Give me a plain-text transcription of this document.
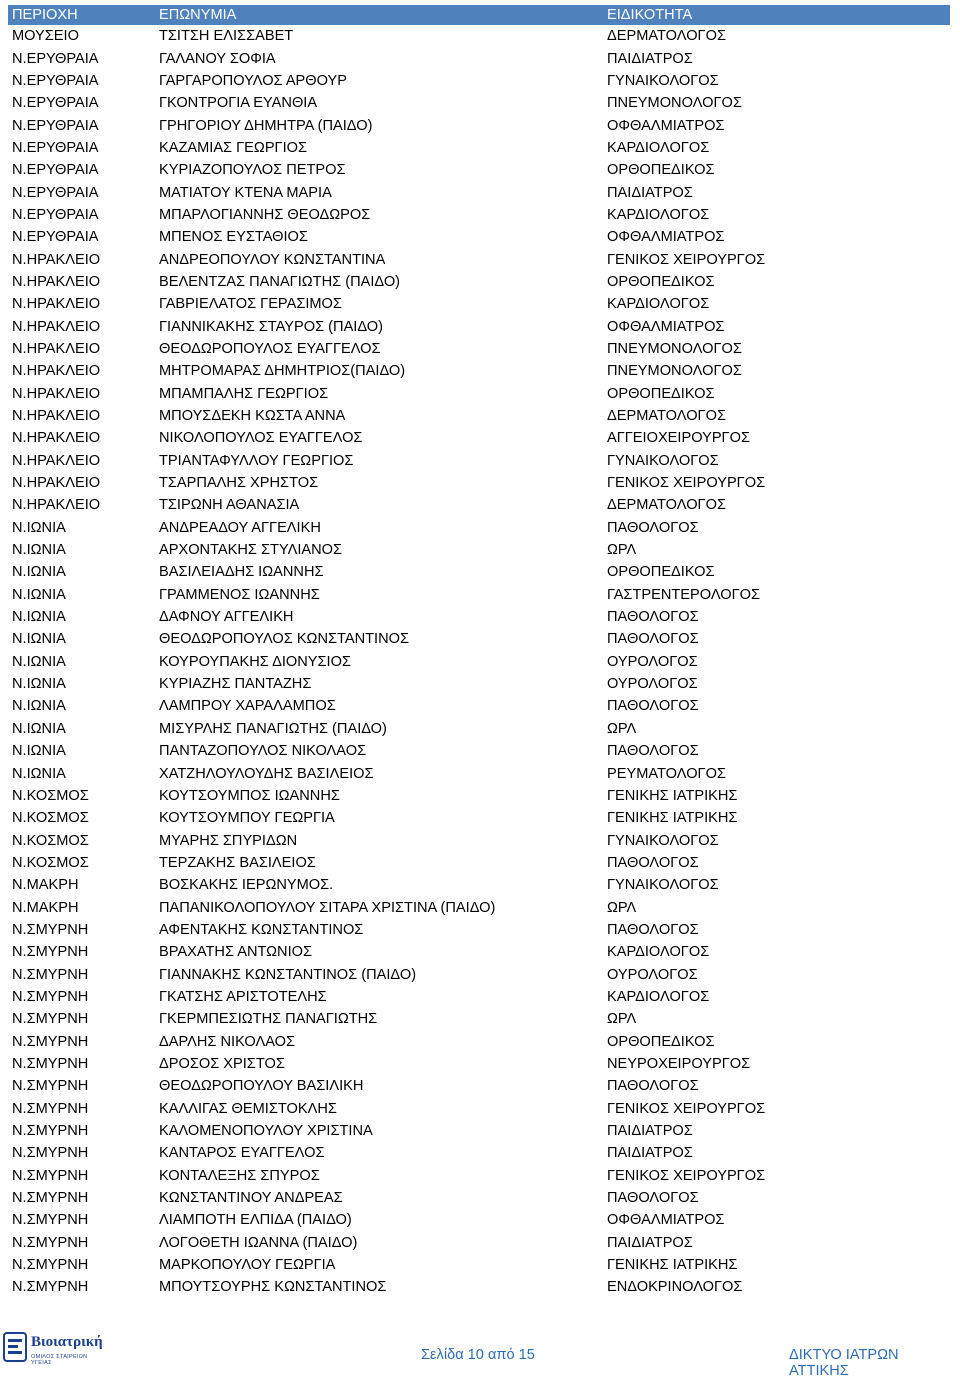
ΠΕΡΙΟΧΗ	ΕΠΩΝΥΜΙΑ	ΕΙΔΙΚΟΤΗΤΑ
ΜΟΥΣΕΙΟ	ΤΣΙΤΣΗ ΕΛΙΣΣΑΒΕΤ	ΔΕΡΜΑΤΟΛΟΓΟΣ
Ν.ΕΡΥΘΡΑΙΑ	ΓΑΛΑΝΟΥ ΣΟΦΙΑ	ΠΑΙΔΙΑΤΡΟΣ
Ν.ΕΡΥΘΡΑΙΑ	ΓΑΡΓΑΡΟΠΟΥΛΟΣ ΑΡΘΟΥΡ	ΓΥΝΑΙΚΟΛΟΓΟΣ
Ν.ΕΡΥΘΡΑΙΑ	ΓΚΟΝΤΡΟΓΙΑ ΕΥΑΝΘΙΑ	ΠΝΕΥΜΟΝΟΛΟΓΟΣ
Ν.ΕΡΥΘΡΑΙΑ	ΓΡΗΓΟΡΙΟΥ ΔΗΜΗΤΡΑ (ΠΑΙΔΟ)	ΟΦΘΑΛΜΙΑΤΡΟΣ
Ν.ΕΡΥΘΡΑΙΑ	ΚΑΖΑΜΙΑΣ ΓΕΩΡΓΙΟΣ	ΚΑΡΔΙΟΛΟΓΟΣ
Ν.ΕΡΥΘΡΑΙΑ	ΚΥΡΙΑΖΟΠΟΥΛΟΣ ΠΕΤΡΟΣ	ΟΡΘΟΠΕΔΙΚΟΣ
Ν.ΕΡΥΘΡΑΙΑ	ΜΑΤΙΑΤΟΥ ΚΤΕΝΑ ΜΑΡΙΑ	ΠΑΙΔΙΑΤΡΟΣ
Ν.ΕΡΥΘΡΑΙΑ	ΜΠΑΡΛΟΓΙΑΝΝΗΣ ΘΕΟΔΩΡΟΣ	ΚΑΡΔΙΟΛΟΓΟΣ
Ν.ΕΡΥΘΡΑΙΑ	ΜΠΕΝΟΣ ΕΥΣΤΑΘΙΟΣ	ΟΦΘΑΛΜΙΑΤΡΟΣ
Ν.ΗΡΑΚΛΕΙΟ	ΑΝΔΡΕΟΠΟΥΛΟΥ ΚΩΝΣΤΑΝΤΙΝΑ	ΓΕΝΙΚΟΣ ΧΕΙΡΟΥΡΓΟΣ
Ν.ΗΡΑΚΛΕΙΟ	ΒΕΛΕΝΤΖΑΣ ΠΑΝΑΓΙΩΤΗΣ (ΠΑΙΔΟ)	ΟΡΘΟΠΕΔΙΚΟΣ
Ν.ΗΡΑΚΛΕΙΟ	ΓΑΒΡΙΕΛΑΤΟΣ ΓΕΡΑΣΙΜΟΣ	ΚΑΡΔΙΟΛΟΓΟΣ
Ν.ΗΡΑΚΛΕΙΟ	ΓΙΑΝΝΙΚΑΚΗΣ ΣΤΑΥΡΟΣ (ΠΑΙΔΟ)	ΟΦΘΑΛΜΙΑΤΡΟΣ
Ν.ΗΡΑΚΛΕΙΟ	ΘΕΟΔΩΡΟΠΟΥΛΟΣ ΕΥΑΓΓΕΛΟΣ	ΠΝΕΥΜΟΝΟΛΟΓΟΣ
Ν.ΗΡΑΚΛΕΙΟ	ΜΗΤΡΟΜΑΡΑΣ ΔΗΜΗΤΡΙΟΣ(ΠΑΙΔΟ)	ΠΝΕΥΜΟΝΟΛΟΓΟΣ
Ν.ΗΡΑΚΛΕΙΟ	ΜΠΑΜΠΑΛΗΣ ΓΕΩΡΓΙΟΣ	ΟΡΘΟΠΕΔΙΚΟΣ
Ν.ΗΡΑΚΛΕΙΟ	ΜΠΟΥΣΔΕΚΗ ΚΩΣΤΑ ΑΝΝΑ	ΔΕΡΜΑΤΟΛΟΓΟΣ
Ν.ΗΡΑΚΛΕΙΟ	ΝΙΚΟΛΟΠΟΥΛΟΣ ΕΥΑΓΓΕΛΟΣ	ΑΓΓΕΙΟΧΕΙΡΟΥΡΓΟΣ
Ν.ΗΡΑΚΛΕΙΟ	ΤΡΙΑΝΤΑΦΥΛΛΟΥ ΓΕΩΡΓΙΟΣ	ΓΥΝΑΙΚΟΛΟΓΟΣ
Ν.ΗΡΑΚΛΕΙΟ	ΤΣΑΡΠΑΛΗΣ ΧΡΗΣΤΟΣ	ΓΕΝΙΚΟΣ ΧΕΙΡΟΥΡΓΟΣ
Ν.ΗΡΑΚΛΕΙΟ	ΤΣΙΡΩΝΗ ΑΘΑΝΑΣΙΑ	ΔΕΡΜΑΤΟΛΟΓΟΣ
Ν.ΙΩΝΙΑ	ΑΝΔΡΕΑΔΟΥ ΑΓΓΕΛΙΚΗ	ΠΑΘΟΛΟΓΟΣ
Ν.ΙΩΝΙΑ	ΑΡΧΟΝΤΑΚΗΣ ΣΤΥΛΙΑΝΟΣ	ΩΡΛ
Ν.ΙΩΝΙΑ	ΒΑΣΙΛΕΙΑΔΗΣ ΙΩΑΝΝΗΣ	ΟΡΘΟΠΕΔΙΚΟΣ
Ν.ΙΩΝΙΑ	ΓΡΑΜΜΕΝΟΣ ΙΩΑΝΝΗΣ	ΓΑΣΤΡΕΝΤΕΡΟΛΟΓΟΣ
Ν.ΙΩΝΙΑ	ΔΑΦΝΟΥ ΑΓΓΕΛΙΚΗ	ΠΑΘΟΛΟΓΟΣ
Ν.ΙΩΝΙΑ	ΘΕΟΔΩΡΟΠΟΥΛΟΣ ΚΩΝΣΤΑΝΤΙΝΟΣ	ΠΑΘΟΛΟΓΟΣ
Ν.ΙΩΝΙΑ	ΚΟΥΡΟΥΠΑΚΗΣ ΔΙΟΝΥΣΙΟΣ	ΟΥΡΟΛΟΓΟΣ
Ν.ΙΩΝΙΑ	ΚΥΡΙΑΖΗΣ ΠΑΝΤΑΖΗΣ	ΟΥΡΟΛΟΓΟΣ
Ν.ΙΩΝΙΑ	ΛΑΜΠΡΟΥ ΧΑΡΑΛΑΜΠΟΣ	ΠΑΘΟΛΟΓΟΣ
Ν.ΙΩΝΙΑ	ΜΙΣΥΡΛΗΣ ΠΑΝΑΓΙΩΤΗΣ (ΠΑΙΔΟ)	ΩΡΛ
Ν.ΙΩΝΙΑ	ΠΑΝΤΑΖΟΠΟΥΛΟΣ ΝΙΚΟΛΑΟΣ	ΠΑΘΟΛΟΓΟΣ
Ν.ΙΩΝΙΑ	ΧΑΤΖΗΛΟΥΛΟΥΔΗΣ ΒΑΣΙΛΕΙΟΣ	ΡΕΥΜΑΤΟΛΟΓΟΣ
Ν.ΚΟΣΜΟΣ	ΚΟΥΤΣΟΥΜΠΟΣ ΙΩΑΝΝΗΣ	ΓΕΝΙΚΗΣ ΙΑΤΡΙΚΗΣ
Ν.ΚΟΣΜΟΣ	ΚΟΥΤΣΟΥΜΠΟΥ ΓΕΩΡΓΙΑ	ΓΕΝΙΚΗΣ ΙΑΤΡΙΚΗΣ
Ν.ΚΟΣΜΟΣ	ΜΥΑΡΗΣ ΣΠΥΡΙΔΩΝ	ΓΥΝΑΙΚΟΛΟΓΟΣ
Ν.ΚΟΣΜΟΣ	ΤΕΡΖΑΚΗΣ ΒΑΣΙΛΕΙΟΣ	ΠΑΘΟΛΟΓΟΣ
Ν.ΜΑΚΡΗ	ΒΟΣΚΑΚΗΣ ΙΕΡΩΝΥΜΟΣ.	ΓΥΝΑΙΚΟΛΟΓΟΣ
Ν.ΜΑΚΡΗ	ΠΑΠΑΝΙΚΟΛΟΠΟΥΛΟΥ ΣΙΤΑΡΑ ΧΡΙΣΤΙΝΑ (ΠΑΙΔΟ)	ΩΡΛ
Ν.ΣΜΥΡΝΗ	ΑΦΕΝΤΑΚΗΣ ΚΩΝΣΤΑΝΤΙΝΟΣ	ΠΑΘΟΛΟΓΟΣ
Ν.ΣΜΥΡΝΗ	ΒΡΑΧΑΤΗΣ ΑΝΤΩΝΙΟΣ	ΚΑΡΔΙΟΛΟΓΟΣ
Ν.ΣΜΥΡΝΗ	ΓΙΑΝΝΑΚΗΣ ΚΩΝΣΤΑΝΤΙΝΟΣ (ΠΑΙΔΟ)	ΟΥΡΟΛΟΓΟΣ
Ν.ΣΜΥΡΝΗ	ΓΚΑΤΣΗΣ ΑΡΙΣΤΟΤΕΛΗΣ	ΚΑΡΔΙΟΛΟΓΟΣ
Ν.ΣΜΥΡΝΗ	ΓΚΕΡΜΠΕΣΙΩΤΗΣ ΠΑΝΑΓΙΩΤΗΣ	ΩΡΛ
Ν.ΣΜΥΡΝΗ	ΔΑΡΛΗΣ ΝΙΚΟΛΑΟΣ	ΟΡΘΟΠΕΔΙΚΟΣ
Ν.ΣΜΥΡΝΗ	ΔΡΟΣΟΣ ΧΡΙΣΤΟΣ	ΝΕΥΡΟΧΕΙΡΟΥΡΓΟΣ
Ν.ΣΜΥΡΝΗ	ΘΕΟΔΩΡΟΠΟΥΛΟΥ ΒΑΣΙΛΙΚΗ	ΠΑΘΟΛΟΓΟΣ
Ν.ΣΜΥΡΝΗ	ΚΑΛΛΙΓΑΣ ΘΕΜΙΣΤΟΚΛΗΣ	ΓΕΝΙΚΟΣ ΧΕΙΡΟΥΡΓΟΣ
Ν.ΣΜΥΡΝΗ	ΚΑΛΟΜΕΝΟΠΟΥΛΟΥ ΧΡΙΣΤΙΝΑ	ΠΑΙΔΙΑΤΡΟΣ
Ν.ΣΜΥΡΝΗ	ΚΑΝΤΑΡΟΣ ΕΥΑΓΓΕΛΟΣ	ΠΑΙΔΙΑΤΡΟΣ
Ν.ΣΜΥΡΝΗ	ΚΟΝΤΑΛΕΞΗΣ ΣΠΥΡΟΣ	ΓΕΝΙΚΟΣ ΧΕΙΡΟΥΡΓΟΣ
Ν.ΣΜΥΡΝΗ	ΚΩΝΣΤΑΝΤΙΝΟΥ ΑΝΔΡΕΑΣ	ΠΑΘΟΛΟΓΟΣ
Ν.ΣΜΥΡΝΗ	ΛΙΑΜΠΟΤΗ ΕΛΠΙΔΑ (ΠΑΙΔΟ)	ΟΦΘΑΛΜΙΑΤΡΟΣ
Ν.ΣΜΥΡΝΗ	ΛΟΓΟΘΕΤΗ ΙΩΑΝΝΑ (ΠΑΙΔΟ)	ΠΑΙΔΙΑΤΡΟΣ
Ν.ΣΜΥΡΝΗ	ΜΑΡΚΟΠΟΥΛΟΥ ΓΕΩΡΓΙΑ	ΓΕΝΙΚΗΣ ΙΑΤΡΙΚΗΣ
Ν.ΣΜΥΡΝΗ	ΜΠΟΥΤΣΟΥΡΗΣ ΚΩΝΣΤΑΝΤΙΝΟΣ	ΕΝΔΟΚΡΙΝΟΛΟΓΟΣ
Βιοιατρική
ΟΜΙΛΟΣ ΣΤΑΙΡΕΙΩΝ ΥΓΕΙΑΣ	Σελίδα 10 από 15	ΔΙΚΤΥΟ ΙΑΤΡΩΝ ΑΤΤΙΚΗΣ
